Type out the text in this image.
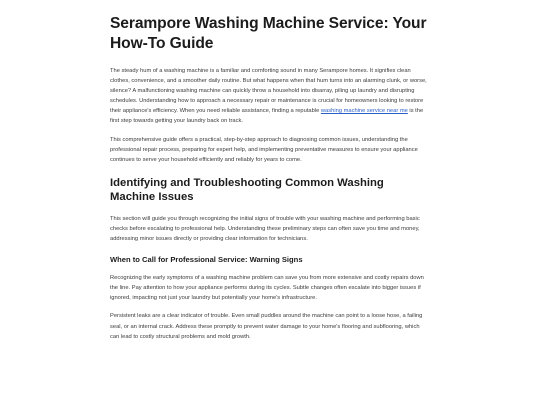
Serampore Washing Machine Service: Your How-To Guide

The steady hum of a washing machine is a familiar and comforting sound in many Serampore homes. It signifies clean clothes, convenience, and a smoother daily routine. But what happens when that hum turns into an alarming clunk, or worse, silence? A malfunctioning washing machine can quickly throw a household into disarray, piling up laundry and disrupting schedules. Understanding how to approach a necessary repair or maintenance is crucial for homeowners looking to restore their appliance's efficiency. When you need reliable assistance, finding a reputable washing machine service near me is the first step towards getting your laundry back on track.

This comprehensive guide offers a practical, step-by-step approach to diagnosing common issues, understanding the professional repair process, preparing for expert help, and implementing preventative measures to ensure your appliance continues to serve your household efficiently and reliably for years to come.

Identifying and Troubleshooting Common Washing Machine Issues

This section will guide you through recognizing the initial signs of trouble with your washing machine and performing basic checks before escalating to professional help. Understanding these preliminary steps can often save you time and money, addressing minor issues directly or providing clear information for technicians.

When to Call for Professional Service: Warning Signs

Recognizing the early symptoms of a washing machine problem can save you from more extensive and costly repairs down the line. Pay attention to how your appliance performs during its cycles. Subtle changes often escalate into bigger issues if ignored, impacting not just your laundry but potentially your home's infrastructure.

Persistent leaks are a clear indicator of trouble. Even small puddles around the machine can point to a loose hose, a failing seal, or an internal crack. Address these promptly to prevent water damage to your home's flooring and subflooring, which can lead to costly structural problems and mold growth.
